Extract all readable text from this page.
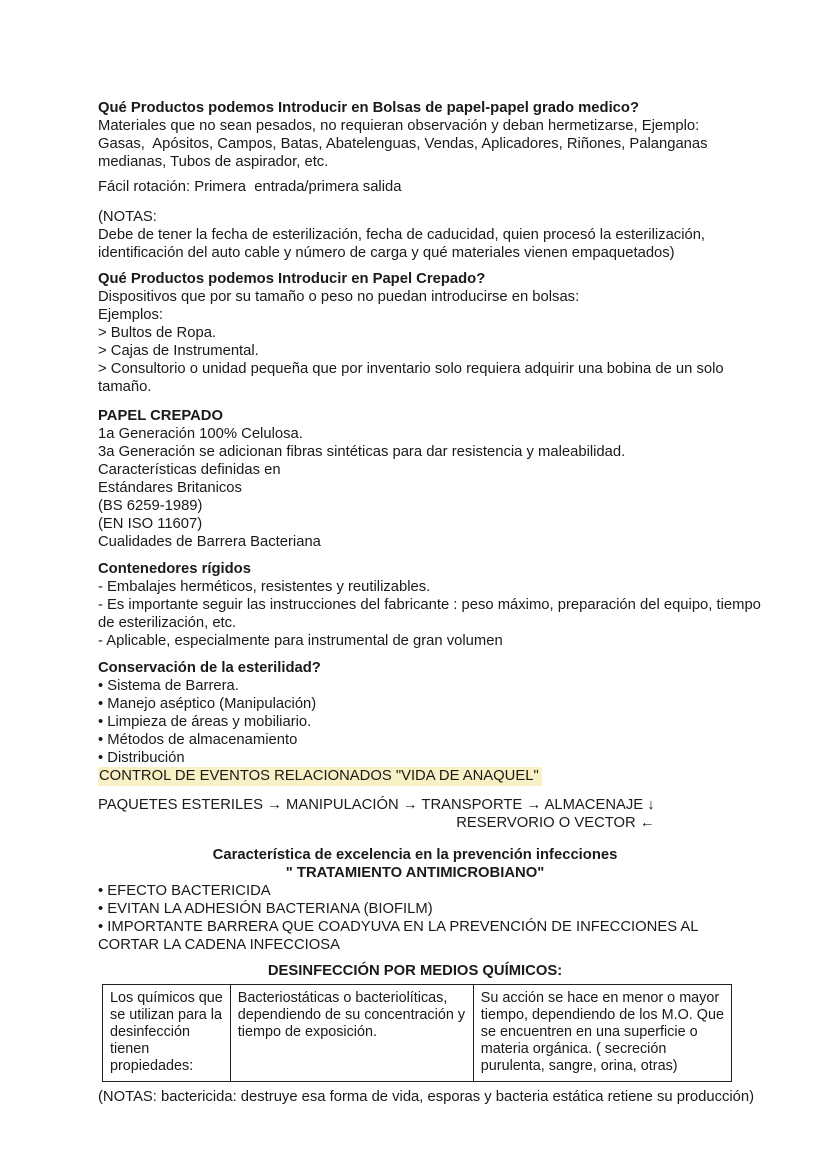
Qué Productos podemos Introducir en Bolsas de papel-papel grado medico?
Materiales que no sean pesados, no requieran observación y deban hermetizarse, Ejemplo:
Gasas,  Apósitos, Campos, Batas, Abatelenguas, Vendas, Aplicadores, Riñones, Palanganas
medianas, Tubos de aspirador, etc.
Fácil rotación: Primera  entrada/primera salida
(NOTAS:
Debe de tener la fecha de esterilización, fecha de caducidad, quien procesó la esterilización,
identificación del auto cable y número de carga y qué materiales vienen empaquetados)
Qué Productos podemos Introducir en Papel Crepado?
Dispositivos que por su tamaño o peso no puedan introducirse en bolsas:
Ejemplos:
> Bultos de Ropa.
> Cajas de Instrumental.
> Consultorio o unidad pequeña que por inventario solo requiera adquirir una bobina de un solo
tamaño.
PAPEL CREPADO
1a Generación 100% Celulosa.
3a Generación se adicionan fibras sintéticas para dar resistencia y maleabilidad.
Características definidas en
Estándares Britanicos
(BS 6259-1989)
(EN ISO 11607)
Cualidades de Barrera Bacteriana
Contenedores rígidos
- Embalajes herméticos, resistentes y reutilizables.
- Es importante seguir las instrucciones del fabricante : peso máximo, preparación del equipo, tiempo
de esterilización, etc.
- Aplicable, especialmente para instrumental de gran volumen
Conservación de la esterilidad?
• Sistema de Barrera.
• Manejo aséptico (Manipulación)
• Limpieza de áreas y mobiliario.
• Métodos de almacenamiento
• Distribución
CONTROL DE EVENTOS RELACIONADOS "VIDA DE ANAQUEL"
PAQUETES ESTERILES → MANIPULACIÓN → TRANSPORTE → ALMACENAJE ↓
RESERVORIO O VECTOR ←
Característica de excelencia en la prevención infecciones
" TRATAMIENTO ANTIMICROBIANO"
• EFECTO BACTERICIDA
• EVITAN LA ADHESIÓN BACTERIANA (BIOFILM)
• IMPORTANTE BARRERA QUE COADYUVA EN LA PREVENCIÓN DE INFECCIONES AL
CORTAR LA CADENA INFECCIOSA
DESINFECCIÓN POR MEDIOS QUÍMICOS:
Los químicos que
se utilizan para la
desinfección
tienen
propiedades:

Bacteriostáticas o bacteriolíticas,
dependiendo de su concentración y
tiempo de exposición.

Su acción se hace en menor o mayor
tiempo, dependiendo de los M.O. Que
se encuentren en una superficie o
materia orgánica. ( secreción
purulenta, sangre, orina, otras)
(NOTAS: bactericida: destruye esa forma de vida, esporas y bacteria estática retiene su producción)
